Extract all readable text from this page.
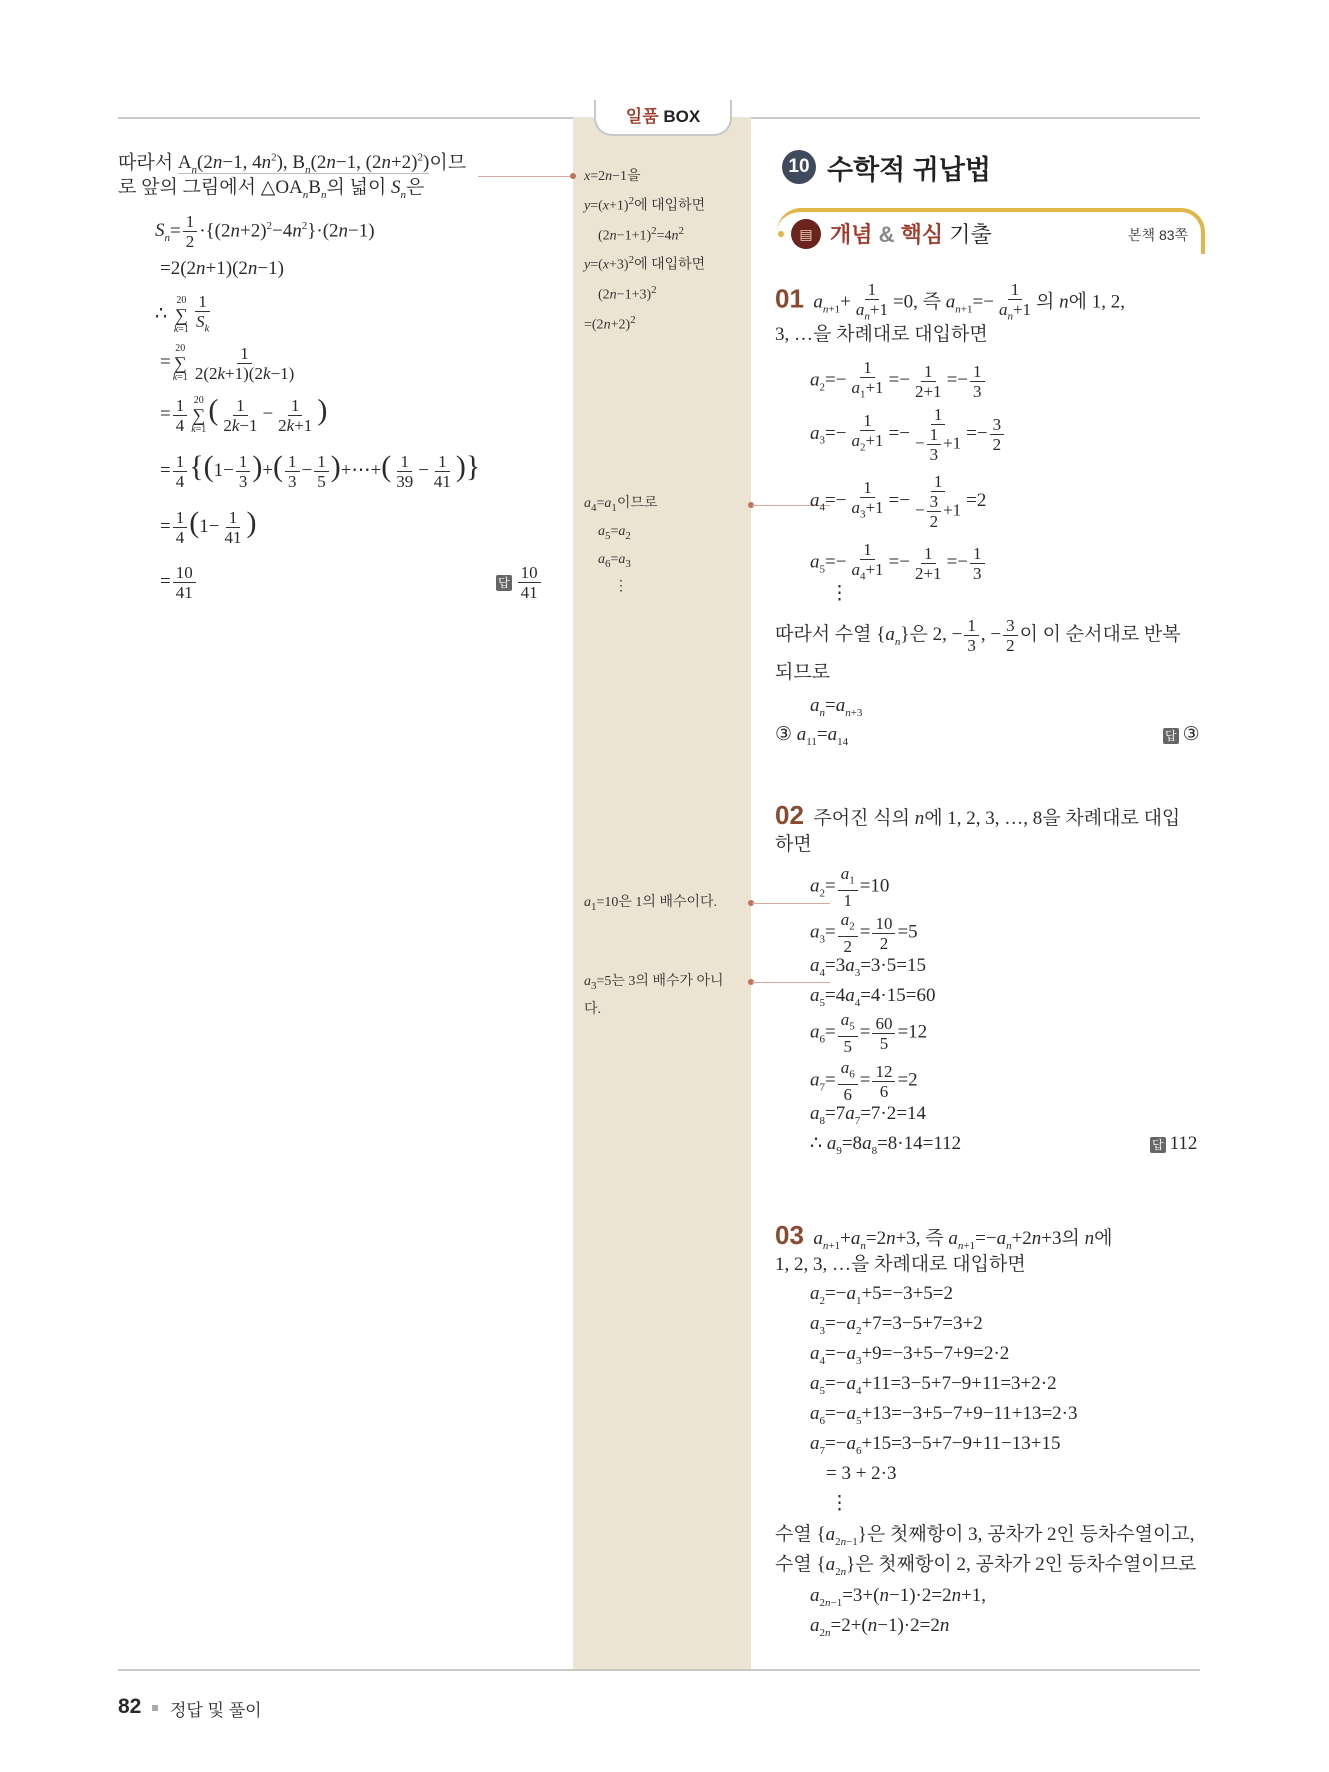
일품 BOX
따라서 $A_n(2n-1$, $4n^2$), $B_n(2n-1$, $(2n+2)^2$)이므
로 앞의 그림에서 $\triangle OA_nB_n$의 넓이 $S_n$은
$S_n= \frac{1}{2} \cdot\{(2n+2)^2-4n^2\}\cdot(2n-1)$
=2(2n+1)(2n−1)
∴
20
∑
$k=1 \frac{1}{S_k}$
=
20
∑
$k=1 \frac{1}{2(2k+1)(2k-1)}$
= $\frac{1}{4} 20$
∑
k=1
( $\frac{1}{2k-1} - \frac{1}{2k+1}$ )
= $\frac{1}{4} \{(1- \frac{1}{3}$ )+( $\frac{1}{3} - \frac{1}{5}$ )+⋯+( $\frac{1}{39} - \frac{1}{41}$ )}
= $\frac{1}{4} (1- \frac{1}{41}$ )
= $\frac{10}{41}$	답 $\frac{10}{41}$
x=2n−1을
$y=(x+1)^2$에 대입하면
$(2n-1+1)^2=4n^2$
$y=(x+3)^2$에 대입하면
$(2n-1+3)^2$
$=(2n+2)^2$
$a_4=a_1$이므로
$a_5=a_2$
$a_6=a_3$
⋮
$a_1=10$은 1의 배수이다.
$a_3=5$는 3의 배수가 아니
다.
10 수학적 귀납법
▤ 개념 & 핵심 기출	본책 83쪽
01 $a_{n+1}+ \frac{1}{a_n+1} =0$, 즉 $a_{n+1}=- \frac{1}{a_n+1}$ 의 n에 1, 2,
3, …을 차례대로 대입하면
$a_2=- \frac{1}{a_1+1} =- \frac{1}{2+1} =- \frac{1}{3}$
$a_3=- \frac{1}{a_2+1} =- \frac{1}{- \frac{1}{3} +1} =- \frac{3}{2}$
$a_4=- \frac{1}{a_3+1} =- \frac{1}{- \frac{3}{2} +1} =2$
$a_5=- \frac{1}{a_4+1} =- \frac{1}{2+1} =- \frac{1}{3}$
⋮
따라서 수열 $\{a_n\}$은 2, − $\frac{1}{3}$ , − $\frac{3}{2}$ 이 이 순서대로 반복
되므로
$a_n=a_{n+3}$
③ $a_{11}=a_{14}$	답 ③
02  주어진 식의 n에 1, 2, 3, …, 8을 차례대로 대입
하면
$a_2= \frac{a_1}{1} =10$
$a_3= \frac{a_2}{2} = \frac{10}{2} =5$
$a_4=3a_3=3\cdot 5=15$
$a_5=4a_4=4\cdot 15=60$
$a_6= \frac{a_5}{5} = \frac{60}{5} =12$
$a_7= \frac{a_6}{6} = \frac{12}{6} =2$
$a_8=7a_7=7\cdot 2=14$
∴ $a_9=8a_8=8\cdot 14=112$	답 112
03 $a_{n+1}+a_n=2n+3$, 즉 $a_{n+1}=-a_n+2n+3$의 n에
1, 2, 3, …을 차례대로 대입하면
$a_2=-a_1+5=-3+5=2$
$a_3=-a_2+7=3-5+7=3+2$
$a_4=-a_3+9=-3+5-7+9=2\cdot 2$
$a_5=-a_4+11=3-5+7-9+11=3+2\cdot 2$
$a_6=-a_5+13=-3+5-7+9-11+13=2\cdot 3$
$a_7=-a_6+15=3-5+7-9+11-13+15$
= 3 + 2·3
⋮
수열 $\{a_{2n-1}\}$은 첫째항이 3, 공차가 2인 등차수열이고,
수열 $\{a_{2n}\}$은 첫째항이 2, 공차가 2인 등차수열이므로
$a_{2n-1}=3+(n-1)\cdot 2=2n+1$,
$a_{2n}=2+(n-1)\cdot 2=2n$
82 정답 및 풀이
